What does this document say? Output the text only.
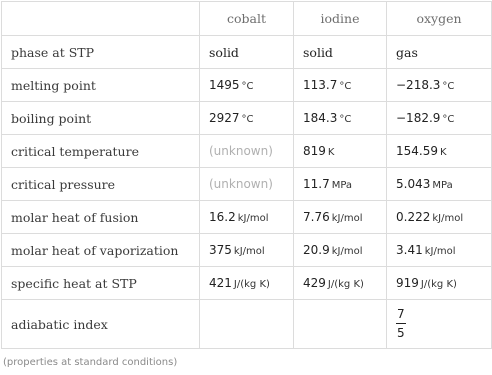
	cobalt	iodine	oxygen
phase at STP	solid	solid	gas
melting point	1495 °C	113.7 °C	−218.3 °C
boiling point	2927 °C	184.3 °C	−182.9 °C
critical temperature	(unknown)	819 K	154.59 K
critical pressure	(unknown)	11.7 MPa	5.043 MPa
molar heat of fusion	16.2 kJ/mol	7.76 kJ/mol	0.222 kJ/mol
molar heat of vaporization	375 kJ/mol	20.9 kJ/mol	3.41 kJ/mol
specific heat at STP	421 J/(kg K)	429 J/(kg K)	919 J/(kg K)
adiabatic index			$\frac{7}{5}$
(properties at standard conditions)
